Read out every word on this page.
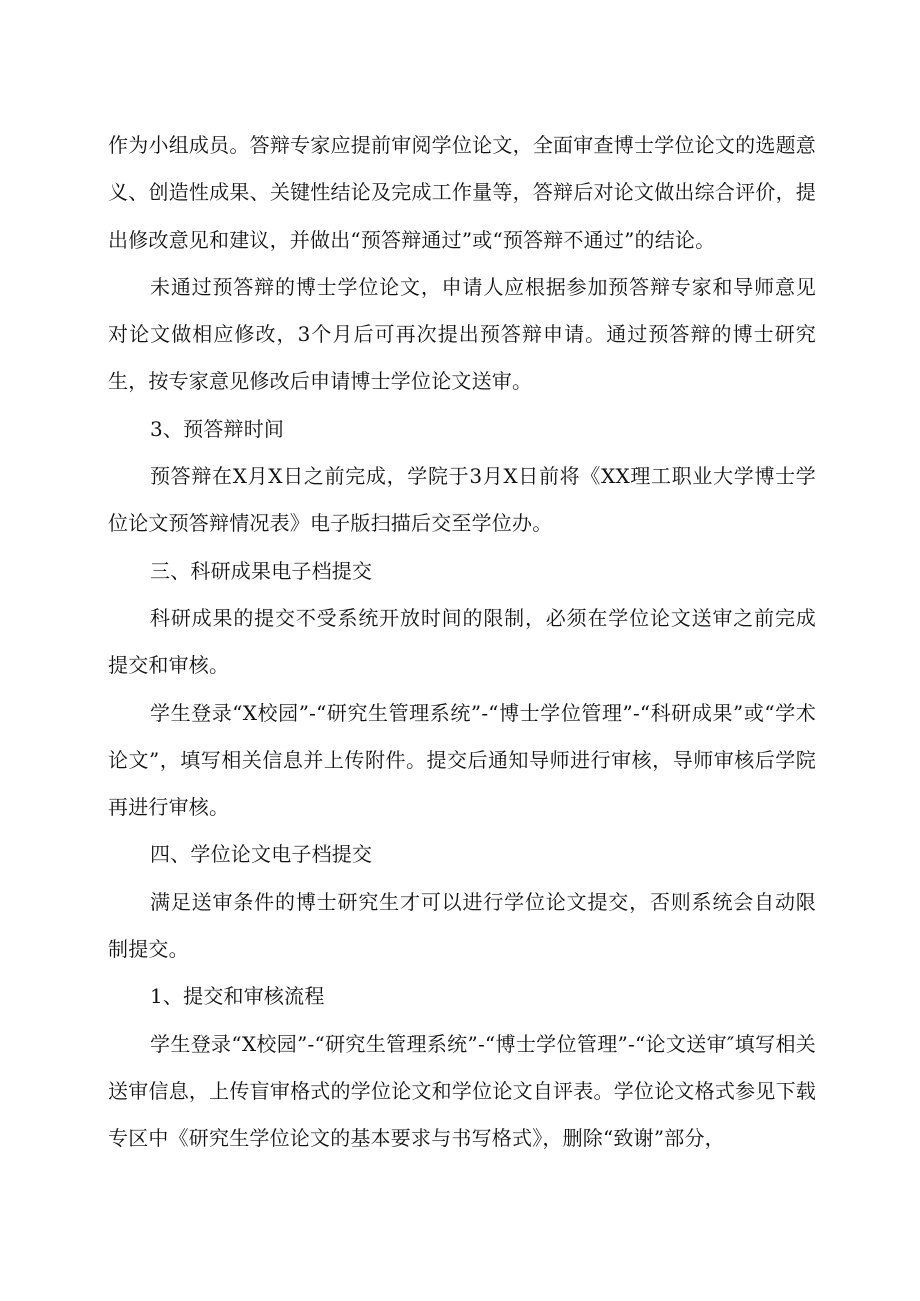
作为小组成员。答辩专家应提前审阅学位论文，全面审查博士学位论文的选题意义、创造性成果、关键性结论及完成工作量等，答辩后对论文做出综合评价，提出修改意见和建议，并做出“预答辩通过”或“预答辩不通过”的结论。

未通过预答辩的博士学位论文，申请人应根据参加预答辩专家和导师意见对论文做相应修改，3个月后可再次提出预答辩申请。通过预答辩的博士研究生，按专家意见修改后申请博士学位论文送审。

3、预答辩时间

预答辩在X月X日之前完成，学院于3月X日前将《XX理工职业大学博士学位论文预答辩情况表》电子版扫描后交至学位办。

三、科研成果电子档提交

科研成果的提交不受系统开放时间的限制，必须在学位论文送审之前完成提交和审核。

学生登录“X校园”-“研究生管理系统”-“博士学位管理”-“科研成果”或“学术论文”，填写相关信息并上传附件。提交后通知导师进行审核，导师审核后学院再进行审核。

四、学位论文电子档提交

满足送审条件的博士研究生才可以进行学位论文提交，否则系统会自动限制提交。

1、提交和审核流程

学生登录“X校园”-“研究生管理系统”-“博士学位管理”-“论文送审″填写相关送审信息，上传盲审格式的学位论文和学位论文自评表。学位论文格式参见下载专区中《研究生学位论文的基本要求与书写格式》，删除“致谢”部分，
